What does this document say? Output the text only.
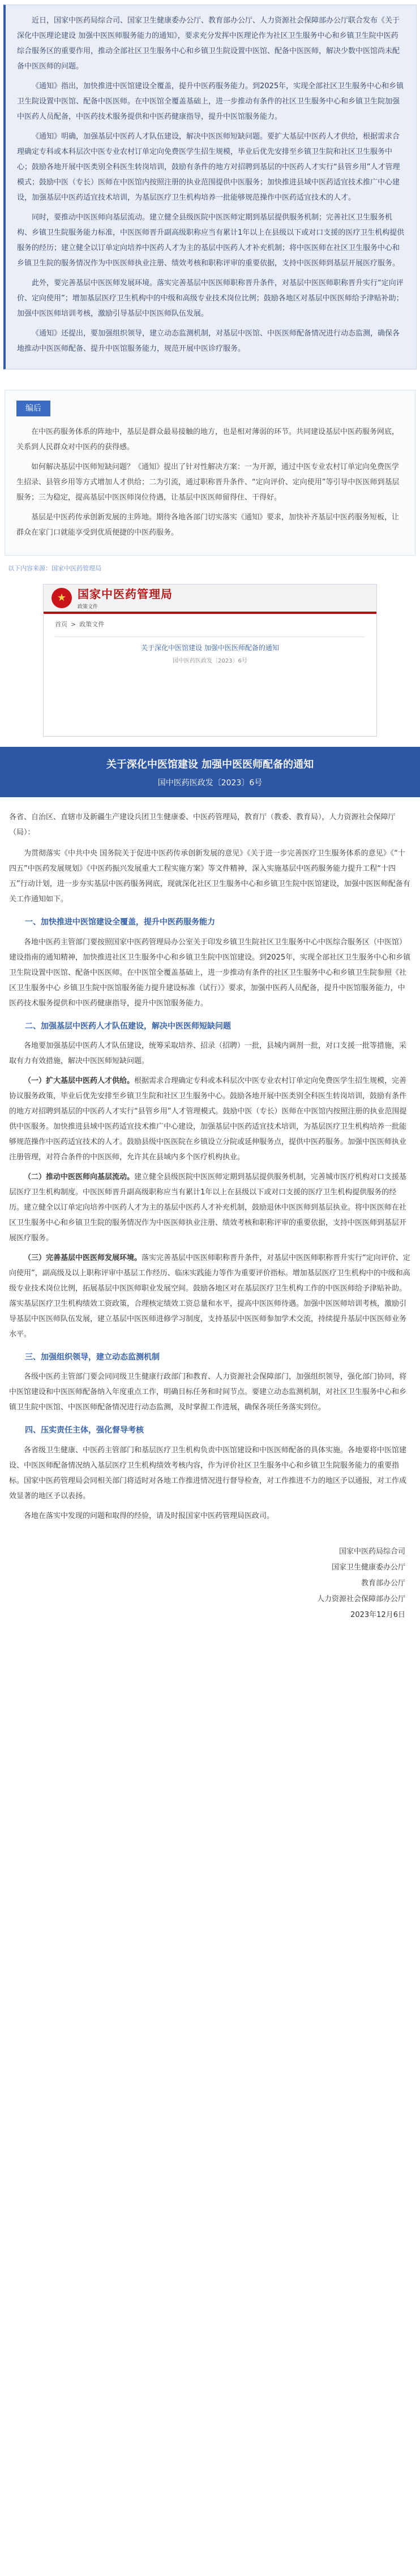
近日，国家中医药局综合司、国家卫生健康委办公厅、教育部办公厅、人力资源社会保障部办公厅联合发布《关于深化中医理论建设 加强中医医师服务能力的通知》，要求充分发挥中医理论作为社区卫生服务中心和乡镇卫生院中医药综合服务区的重要作用，推动全部社区卫生服务中心和乡镇卫生院设置中医馆、配备中医医师，解决少数中医馆尚未配备中医医师的问题。

《通知》指出，加快推进中医馆建设全覆盖，提升中医药服务能力。到2025年，实现全部社区卫生服务中心和乡镇卫生院设置中医馆、配备中医医师。在中医馆全覆盖基础上，进一步推动有条件的社区卫生服务中心和乡镇卫生院加强中医药人员配备，中医药技术服务提供和中医药健康指导，提升中医馆服务能力。

《通知》明确，加强基层中医药人才队伍建设，解决中医医师短缺问题。要扩大基层中医药人才供给，根据需求合理确定专科或本科层次中医专业农村订单定向免费医学生招生规模，毕业后优先安排至乡镇卫生院和社区卫生服务中心；鼓励各地开展中医类别全科医生转岗培训，鼓励有条件的地方对招聘到基层的中医药人才实行“县管乡用”人才管理模式；鼓励中医（专长）医师在中医馆内按照注册的执业范围提供中医服务；加快推进县域中医药适宜技术推广中心建设，加强基层中医药适宜技术培训，为基层医疗卫生机构培养一批能够规范操作中医药适宜技术的人才。

同时，要推动中医医师向基层流动。建立健全县级医院中医医师定期到基层提供服务机制；完善社区卫生服务机构、乡镇卫生院服务能力标准，中医医师晋升副高级职称应当有累计1年以上在县级以下或对口支援的医疗卫生机构提供服务的经历；建立健全以订单定向培养中医药人才为主的基层中医药人才补充机制；将中医医师在社区卫生服务中心和乡镇卫生院的服务情况作为中医医师执业注册、绩效考核和职称评审的重要依据，支持中医医师到基层开展医疗服务。

此外，要完善基层中医医师发展环境。落实完善基层中医医师职称晋升条件，对基层中医医师职称晋升实行“定向评价、定向使用”；增加基层医疗卫生机构中的中级和高级专业技术岗位比例；鼓励各地区对基层中医医师给予津贴补助；加强中医医师培训考核，激励引导基层中医医师队伍发展。

《通知》还提出，要加强组织领导，建立动态监测机制，对基层中医馆、中医医师配备情况进行动态监测，确保各地推动中医医师配备、提升中医馆服务能力，规范开展中医诊疗服务。

编后

在中医药服务体系的阵地中，基层是群众最易接触的地方，也是相对薄弱的环节。共同建设基层中医药服务网底，关系到人民群众对中医药的获得感。

如何解决基层中医师短缺问题？《通知》提出了针对性解决方案：一为开源，通过中医专业农村订单定向免费医学生招录、县管乡用等方式增加人才供给；二为引流，通过职称晋升条件、“定向评价、定向使用”等引导中医医师到基层服务；三为稳定，提高基层中医医师岗位待遇，让基层中医医师留得住、干得好。

基层是中医药传承创新发展的主阵地。期待各地各部门切实落实《通知》要求，加快补齐基层中医药服务短板，让群众在家门口就能享受到优质便捷的中医药服务。

以下内容来源：国家中医药管理局
★ 国家中医药管理局
政策文件
首页 > 政策文件
关于深化中医馆建设 加强中医医师配备的通知
国中医药医政发〔2023〕6号
关于深化中医馆建设 加强中医医师配备的通知
国中医药医政发〔2023〕6号
各省、自治区、直辖市及新疆生产建设兵团卫生健康委、中医药管理局，教育厅（教委、教育局），人力资源社会保障厅（局）：

为贯彻落实《中共中央 国务院关于促进中医药传承创新发展的意见》《关于进一步完善医疗卫生服务体系的意见》《“十四五”中医药发展规划》《中医药振兴发展重大工程实施方案》等文件精神，深入实施基层中医药服务能力提升工程“十四五”行动计划，进一步夯实基层中医药服务网底，现就深化社区卫生服务中心和乡镇卫生院中医馆建设，加强中医医师配备有关工作通知如下。

一、加快推进中医馆建设全覆盖，提升中医药服务能力

各地中医药主管部门要按照国家中医药管理局办公室关于印发乡镇卫生院社区卫生服务中心中医综合服务区（中医馆）建设指南的通知精神，加快推进社区卫生服务中心和乡镇卫生院中医馆建设。到2025年，实现全部社区卫生服务中心和乡镇卫生院设置中医馆、配备中医医师。在中医馆全覆盖基础上，进一步推动有条件的社区卫生服务中心和乡镇卫生院参照《社区卫生服务中心 乡镇卫生院中医馆服务能力提升建设标准（试行）》要求，加强中医药人员配备，提升中医馆服务能力，中医药技术服务提供和中医药健康指导，提升中医馆服务能力。

二、加强基层中医药人才队伍建设，解决中医医师短缺问题

各地要加强基层中医药人才队伍建设，统筹采取培养、招录（招聘）一批，县城内调剂一批，对口支援一批等措施，采取有力有效措施，解决中医医师短缺问题。

（一）扩大基层中医药人才供给。根据需求合理确定专科或本科层次中医专业农村订单定向免费医学生招生规模，完善协议服务政策，毕业后优先安排至乡镇卫生院和社区卫生服务中心。鼓励各地开展中医类别全科医生转岗培训，鼓励有条件的地方对招聘到基层的中医药人才实行“县管乡用”人才管理模式。鼓励中医（专长）医师在中医馆内按照注册的执业范围提供中医服务。加快推进县域中医药适宜技术推广中心建设，加强基层中医药适宜技术培训，为基层医疗卫生机构培养一批能够规范操作中医药适宜技术的人才。鼓励县级中医医院在乡镇设立分院或延伸服务点，提供中医药服务。加强中医医师执业注册管理，对符合条件的中医医师，允许其在县域内多个医疗机构执业。

（二）推动中医医师向基层流动。建立健全县级医院中医医师定期到基层提供服务机制，完善城市医疗机构对口支援基层医疗卫生机构制度。中医医师晋升副高级职称应当有累计1年以上在县级以下或对口支援的医疗卫生机构提供服务的经历。建立健全以订单定向培养中医药人才为主的基层中医药人才补充机制，鼓励退休中医医师到基层执业。将中医医师在社区卫生服务中心和乡镇卫生院的服务情况作为中医医师执业注册、绩效考核和职称评审的重要依据，支持中医医师到基层开展医疗服务。

（三）完善基层中医医师发展环境。落实完善基层中医医师职称晋升条件，对基层中医医师职称晋升实行“定向评价、定向使用”，副高级及以上职称评审中基层工作经历、临床实践能力等作为重要评价指标。增加基层医疗卫生机构中的中级和高级专业技术岗位比例，拓展基层中医医师职业发展空间。鼓励各地区对在基层医疗卫生机构工作的中医医师给予津贴补助。落实基层医疗卫生机构绩效工资政策，合理核定绩效工资总量和水平，提高中医医师待遇。加强中医医师培训考核，激励引导基层中医医师队伍发展，建立基层中医医师进修学习制度，支持基层中医医师参加学术交流，持续提升基层中医医师业务水平。

三、加强组织领导，建立动态监测机制

各级中医药主管部门要会同同级卫生健康行政部门和教育、人力资源社会保障部门，加强组织领导，强化部门协同，将中医馆建设和中医医师配备纳入年度重点工作，明确目标任务和时间节点。要建立动态监测机制，对社区卫生服务中心和乡镇卫生院中医馆、中医医师配备情况进行动态监测，及时掌握工作进展，确保各项任务落实到位。

四、压实责任主体，强化督导考核

各省级卫生健康、中医药主管部门和基层医疗卫生机构负责中医馆建设和中医医师配备的具体实施。各地要将中医馆建设、中医医师配备情况纳入基层医疗卫生机构绩效考核内容，作为评价社区卫生服务中心和乡镇卫生院服务能力的重要指标。国家中医药管理局会同相关部门将适时对各地工作推进情况进行督导检查，对工作推进不力的地区予以通报，对工作成效显著的地区予以表扬。

各地在落实中发现的问题和取得的经验，请及时报国家中医药管理局医政司。

国家中医药局综合司
国家卫生健康委办公厅
教育部办公厅
人力资源社会保障部办公厅
2023年12月6日
